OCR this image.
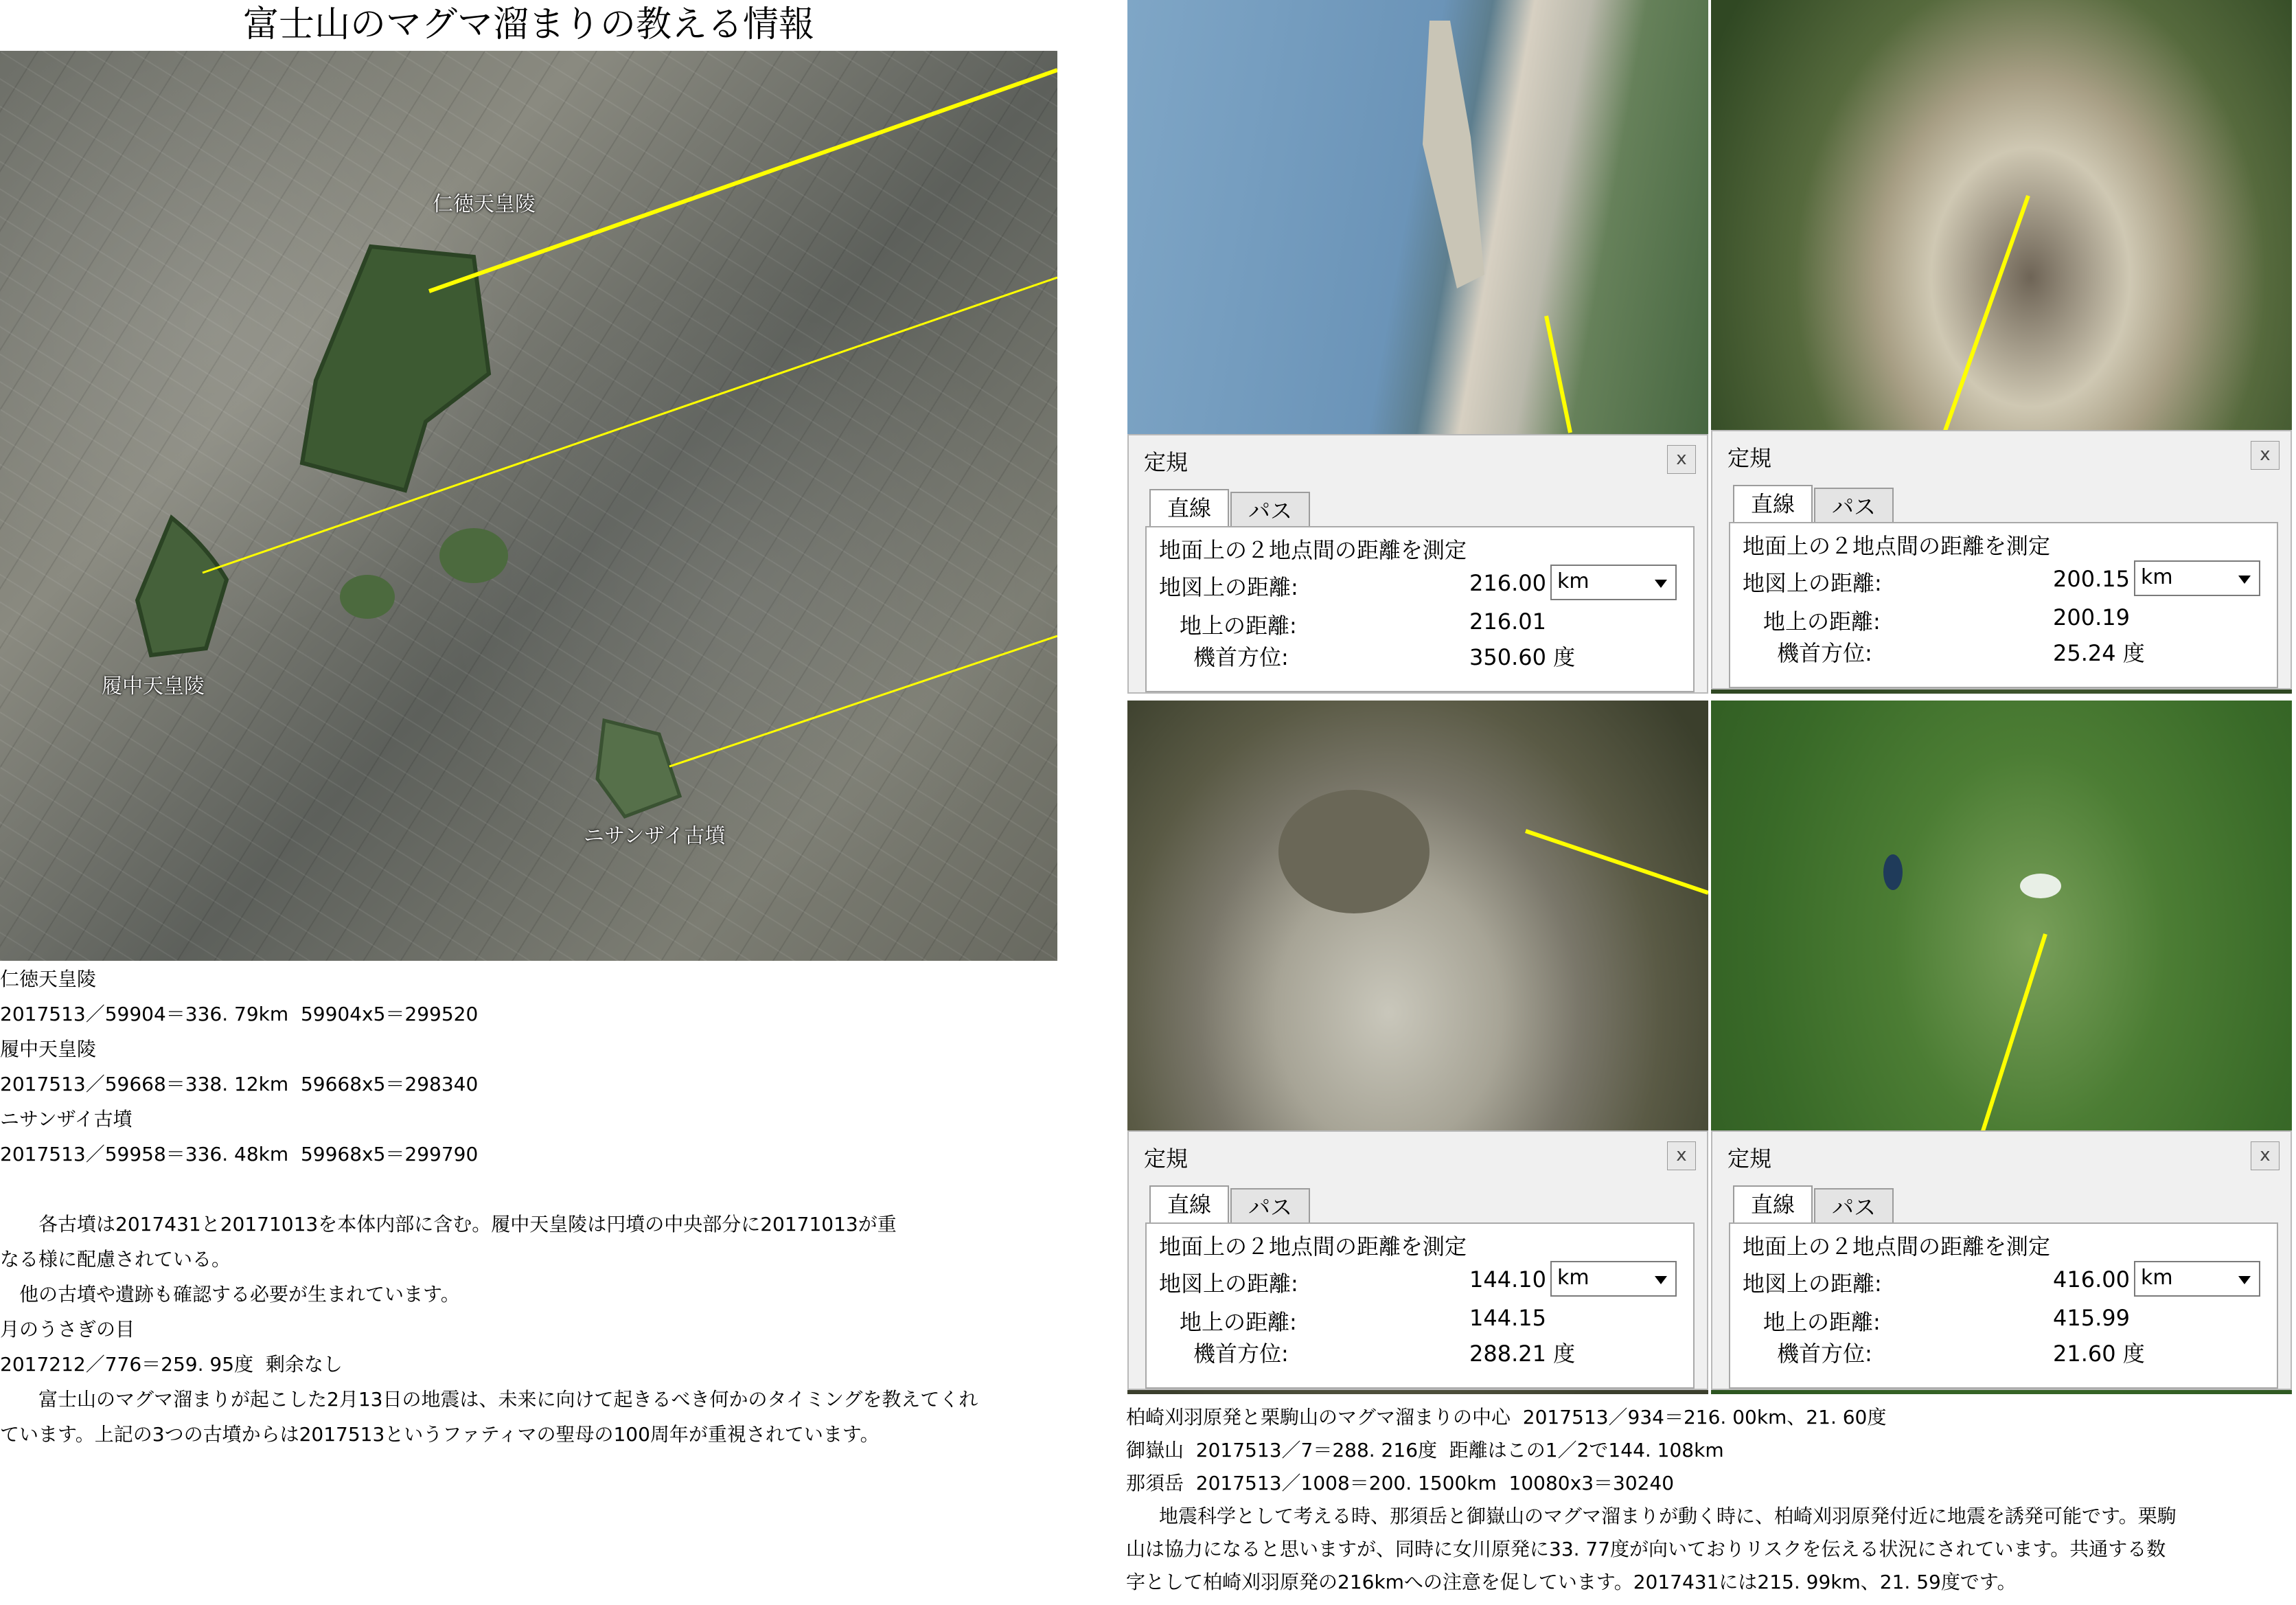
富士山のマグマ溜まりの教える情報
仁徳天皇陵
履中天皇陵
ニサンザイ古墳
仁徳天皇陵
2017513／59904＝336. 79km  59904x5＝299520
履中天皇陵
2017513／59668＝338. 12km  59668x5＝298340
ニサンザイ古墳
2017513／59958＝336. 48km  59968x5＝299790
各古墳は2017431と20171013を本体内部に含む。履中天皇陵は円墳の中央部分に20171013が重
なる様に配慮されている。
他の古墳や遺跡も確認する必要が生まれています。
月のうさぎの目
2017212／776＝259. 95度  剰余なし
富士山のマグマ溜まりが起こした2月13日の地震は、未来に向けて起きるべき何かのタイミングを教えてくれ
ています。上記の3つの古墳からは2017513というファティマの聖母の100周年が重視されています。
定規	x
直線 パス
地面上の２地点間の距離を測定
地図上の距離:	216.00 km
地上の距離:	216.01
機首方位:	350.60 度
定規	x
直線 パス
地面上の２地点間の距離を測定
地図上の距離:	200.15 km
地上の距離:	200.19
機首方位:	25.24 度
定規	x
直線 パス
地面上の２地点間の距離を測定
地図上の距離:	144.10 km
地上の距離:	144.15
機首方位:	288.21 度
定規	x
直線 パス
地面上の２地点間の距離を測定
地図上の距離:	416.00 km
地上の距離:	415.99
機首方位:	21.60 度
柏崎刈羽原発と栗駒山のマグマ溜まりの中心  2017513／934＝216. 00km、21. 60度
御嶽山  2017513／7＝288. 216度  距離はこの1／2で144. 108km
那須岳  2017513／1008＝200. 1500km  10080x3＝30240
地震科学として考える時、那須岳と御嶽山のマグマ溜まりが動く時に、柏崎刈羽原発付近に地震を誘発可能です。栗駒
山は協力になると思いますが、同時に女川原発に33. 77度が向いておりリスクを伝える状況にされています。共通する数
字として柏崎刈羽原発の216kmへの注意を促しています。2017431には215. 99km、21. 59度です。
